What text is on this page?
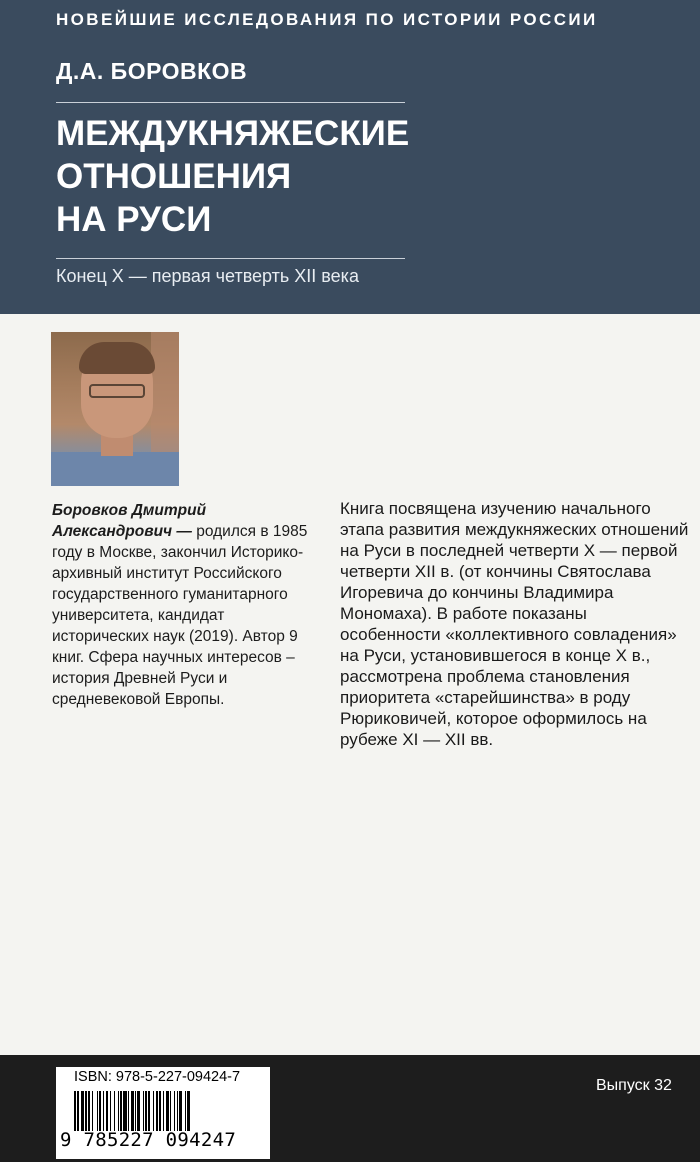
НОВЕЙШИЕ ИССЛЕДОВАНИЯ ПО ИСТОРИИ РОССИИ
Д.А. БОРОВКОВ
МЕЖДУКНЯЖЕСКИЕ
ОТНОШЕНИЯ
НА РУСИ
Конец X — первая четверть XII века
Боровков Дмитрий Александрович — родился в 1985 году в Москве, закончил Историко-архивный институт Российского государственного гуманитарного университета, кандидат исторических наук (2019). Автор 9 книг. Сфера научных интересов – история Древней Руси и средневековой Европы.
Книга посвящена изучению начального этапа развития междукняжеских отношений на Руси в последней четверти X — первой четверти XII в. (от кончины Святослава Игоревича до кончины Владимира Мономаха). В работе показаны особенности «коллективного совладения» на Руси, установившегося в конце X в., рассмотрена проблема становления приоритета «старейшинства» в роду Рюриковичей, которое оформилось на рубеже XI — XII вв.
ISBN: 978-5-227-09424-7
9 785227 094247
Выпуск 32
